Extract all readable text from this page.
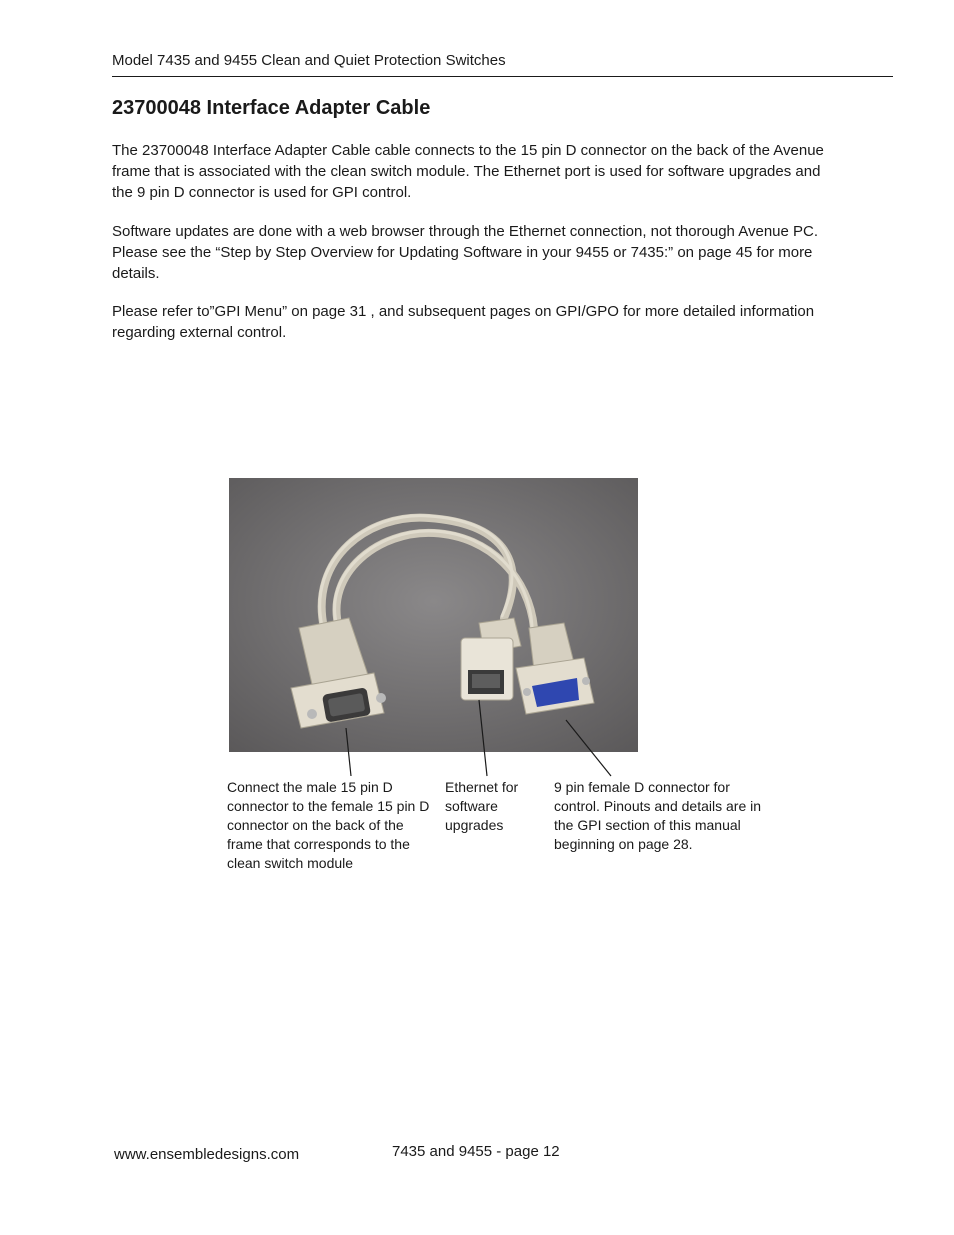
Model 7435 and 9455 Clean and Quiet Protection Switches
23700048 Interface Adapter Cable

The 23700048 Interface Adapter Cable cable connects to the 15 pin D connector on the back of the Avenue frame that is associated with the clean switch module. The Ethernet port is used for software upgrades and the 9 pin D connector is used for GPI control.

Software updates are done with a web browser through the Ethernet connection, not thorough Avenue PC. Please see the “Step by Step Overview for Updating Software in your 9455 or 7435:” on page 45 for more details.

Please refer to”GPI Menu” on page 31 , and subsequent pages on GPI/GPO for more detailed information regarding external control.

Connect the male 15 pin D connector to the female 15 pin D connector on the back of the frame that corresponds to the clean switch module

Ethernet for software upgrades

9 pin female D connector for control. Pinouts and details are in the GPI section of this manual beginning on page 28.

www.ensembledesigns.com	7435 and 9455 - page 12
